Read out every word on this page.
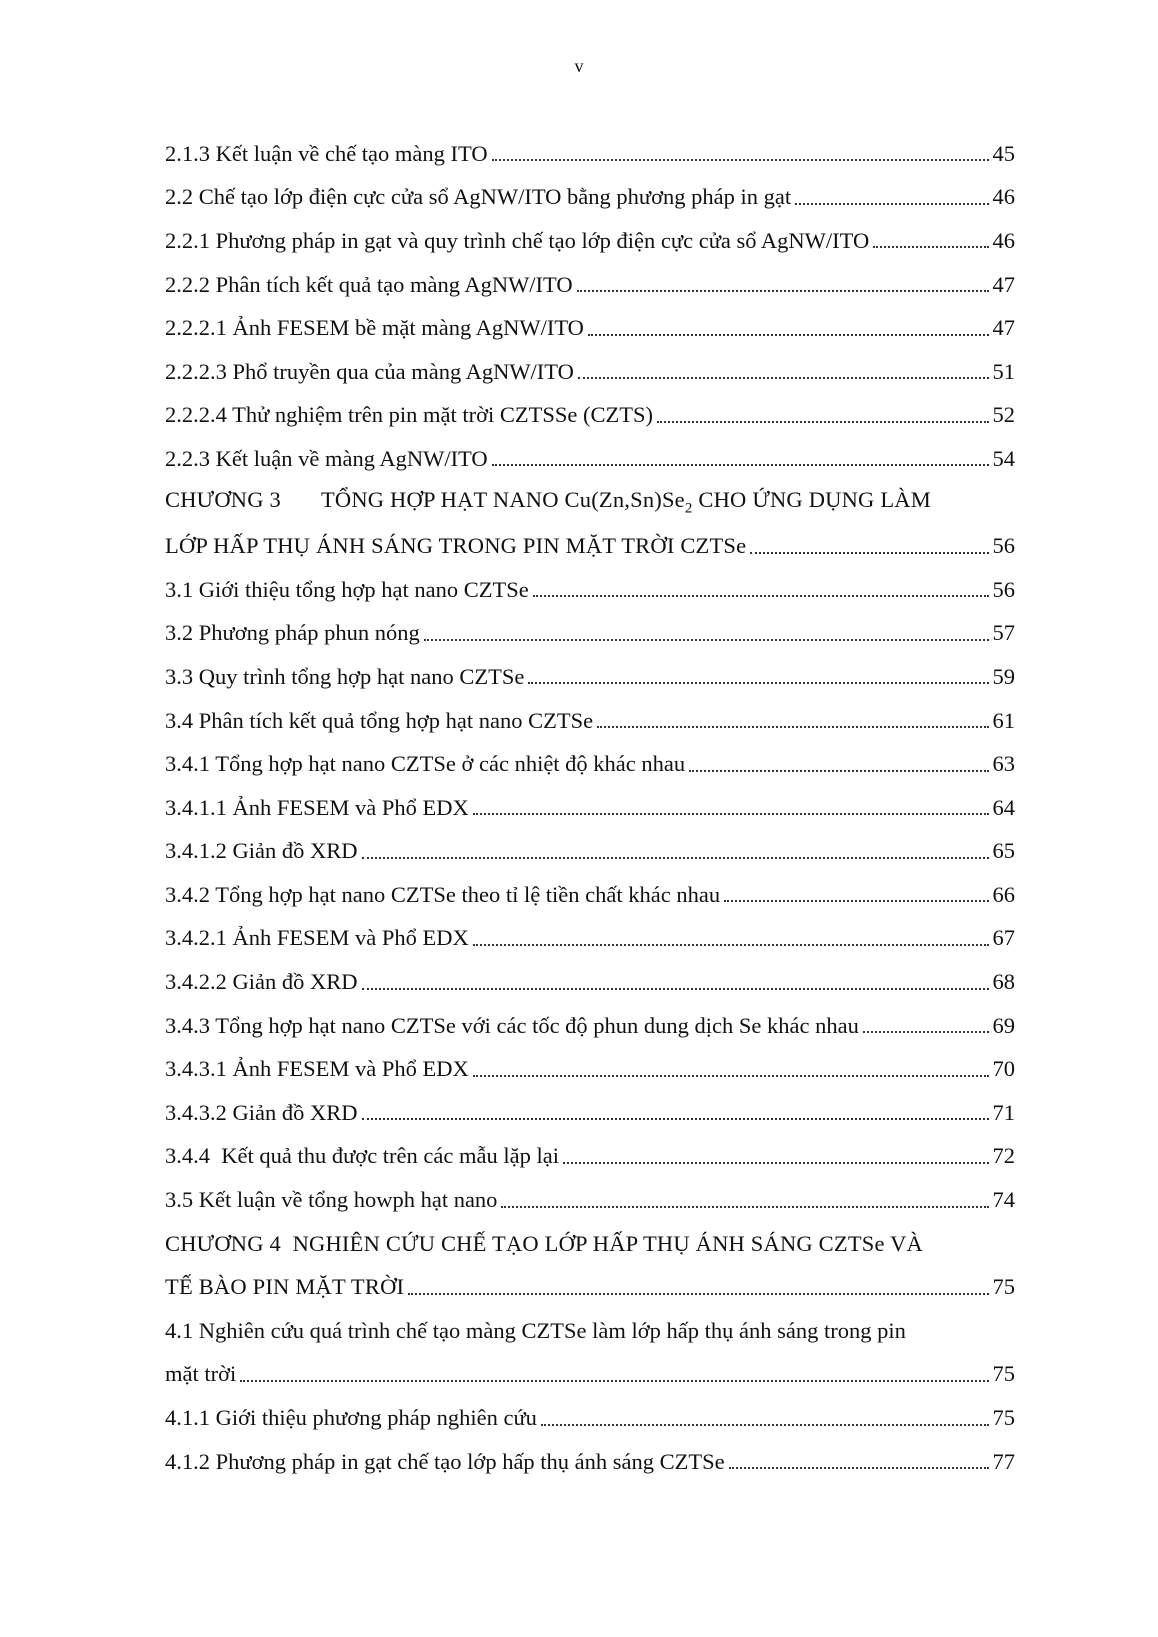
v
2.1.3 Kết luận về chế tạo màng ITO	45
2.2 Chế tạo lớp điện cực cửa sổ AgNW/ITO bằng phương pháp in gạt	46
2.2.1 Phương pháp in gạt và quy trình chế tạo lớp điện cực cửa sổ AgNW/ITO	46
2.2.2 Phân tích kết quả tạo màng AgNW/ITO	47
2.2.2.1 Ảnh FESEM bề mặt màng AgNW/ITO	47
2.2.2.3 Phổ truyền qua của màng AgNW/ITO	51
2.2.2.4 Thử nghiệm trên pin mặt trời CZTSSe (CZTS)	52
2.2.3 Kết luận về màng AgNW/ITO	54
CHƯƠNG 3 TỔNG HỢP HẠT NANO $Cu(Zn,Sn)Se_2$ CHO ỨNG DỤNG LÀM
LỚP HẤP THỤ ÁNH SÁNG TRONG PIN MẶT TRỜI CZTSe	56
3.1 Giới thiệu tổng hợp hạt nano CZTSe	56
3.2 Phương pháp phun nóng	57
3.3 Quy trình tổng hợp hạt nano CZTSe	59
3.4 Phân tích kết quả tổng hợp hạt nano CZTSe	61
3.4.1 Tổng hợp hạt nano CZTSe ở các nhiệt độ khác nhau	63
3.4.1.1 Ảnh FESEM và Phổ EDX	64
3.4.1.2 Giản đồ XRD	65
3.4.2 Tổng hợp hạt nano CZTSe theo tỉ lệ tiền chất khác nhau	66
3.4.2.1 Ảnh FESEM và Phổ EDX	67
3.4.2.2 Giản đồ XRD	68
3.4.3 Tổng hợp hạt nano CZTSe với các tốc độ phun dung dịch Se khác nhau	69
3.4.3.1 Ảnh FESEM và Phổ EDX	70
3.4.3.2 Giản đồ XRD	71
3.4.4  Kết quả thu được trên các mẫu lặp lại	72
3.5 Kết luận về tổng howph hạt nano	74
CHƯƠNG 4  NGHIÊN CỨU CHẾ TẠO LỚP HẤP THỤ ÁNH SÁNG CZTSe VÀ
TẾ BÀO PIN MẶT TRỜI	75
4.1 Nghiên cứu quá trình chế tạo màng CZTSe làm lớp hấp thụ ánh sáng trong pin
mặt trời	75
4.1.1 Giới thiệu phương pháp nghiên cứu	75
4.1.2 Phương pháp in gạt chế tạo lớp hấp thụ ánh sáng CZTSe	77
